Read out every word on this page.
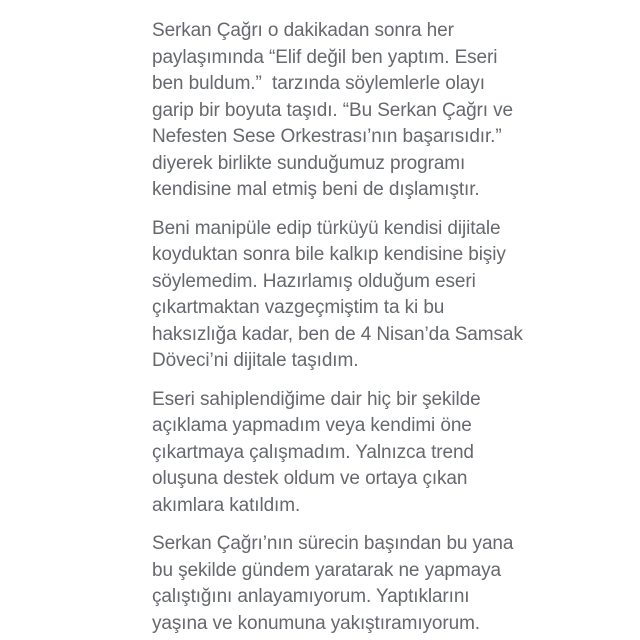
Serkan Çağrı o dakikadan sonra her
paylaşımında “Elif değil ben yaptım. Eseri
ben buldum.”  tarzında söylemlerle olayı
garip bir boyuta taşıdı. “Bu Serkan Çağrı ve
Nefesten Sese Orkestrası’nın başarısıdır.”
diyerek birlikte sunduğumuz programı
kendisine mal etmiş beni de dışlamıştır.
Beni manipüle edip türküyü kendisi dijitale
koyduktan sonra bile kalkıp kendisine bişiy
söylemedim. Hazırlamış olduğum eseri
çıkartmaktan vazgeçmiştim ta ki bu
haksızlığa kadar, ben de 4 Nisan’da Samsak
Döveci’ni dijitale taşıdım.
Eseri sahiplendiğime dair hiç bir şekilde
açıklama yapmadım veya kendimi öne
çıkartmaya çalışmadım. Yalnızca trend
oluşuna destek oldum ve ortaya çıkan
akımlara katıldım.
Serkan Çağrı’nın sürecin başından bu yana
bu şekilde gündem yaratarak ne yapmaya
çalıştığını anlayamıyorum. Yaptıklarını
yaşına ve konumuna yakıştıramıyorum.
